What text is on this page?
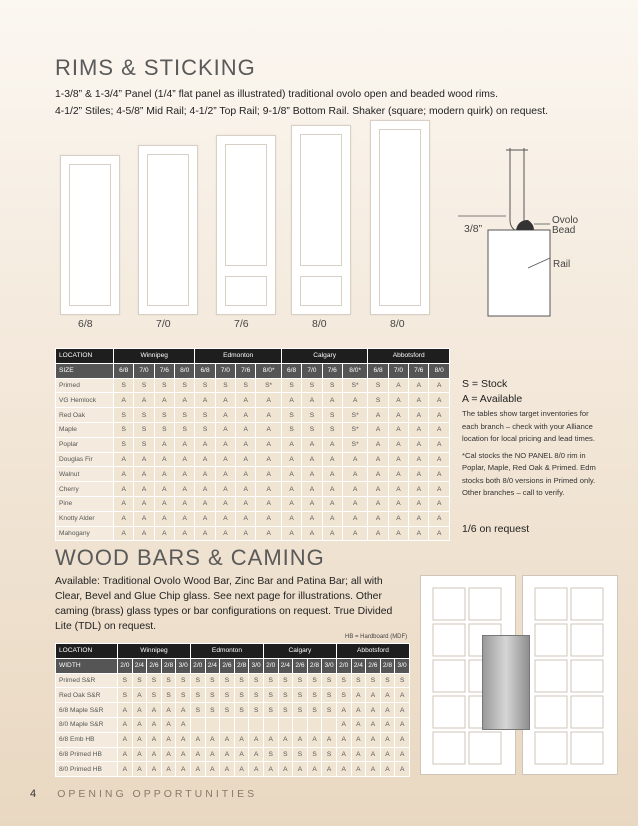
RIMS & STICKING
1-3/8” & 1-3/4” Panel (1/4” flat panel as illustrated) traditional ovolo open and beaded wood rims.
4-1/2” Stiles; 4-5/8” Mid Rail; 4-1/2” Top Rail; 9-1/8” Bottom Rail. Shaker (square; modern quirk) on request.
6/8	7/0	7/6	8/0	8/0
3/8”
Ovolo
Bead
Rail
LOCATION	Winnipeg				Edmonton				Calgary				Abbotsford			
SIZE	6/8	7/0	7/6	8/0	6/8	7/0	7/6	8/0*	6/8	7/0	7/6	8/0*	6/8	7/0	7/6	8/0
Primed	S	S	S	S	S	S	S	S*	S	S	S	S*	S	A	A	A
VG Hemlock	A	A	A	A	A	A	A	A	A	A	A	A	S	A	A	A
Red Oak	S	S	S	S	S	A	A	A	S	S	S	S*	A	A	A	A
Maple	S	S	S	S	S	A	A	A	S	S	S	S*	A	A	A	A
Poplar	S	S	A	A	A	A	A	A	A	A	A	S*	A	A	A	A
Douglas Fir	A	A	A	A	A	A	A	A	A	A	A	A	A	A	A	A
Walnut	A	A	A	A	A	A	A	A	A	A	A	A	A	A	A	A
Cherry	A	A	A	A	A	A	A	A	A	A	A	A	A	A	A	A
Pine	A	A	A	A	A	A	A	A	A	A	A	A	A	A	A	A
Knotty Alder	A	A	A	A	A	A	A	A	A	A	A	A	A	A	A	A
Mahogany	A	A	A	A	A	A	A	A	A	A	A	A	A	A	A	A
S = Stock
A = Available
The tables show target inventories for each branch – check with your Alliance location for local pricing and lead times.
*Cal stocks the NO PANEL 8/0 rim in Poplar, Maple, Red Oak & Primed. Edm stocks both 8/0 versions in Primed only. Other branches – call to verify.
1/6 on request
WOOD BARS & CAMING
Available: Traditional Ovolo Wood Bar, Zinc Bar and Patina Bar; all with Clear, Bevel and Glue Chip glass. See next page for illustrations. Other caming (brass) glass types or bar configurations on request. True Divided Lite (TDL) on request.
HB = Hardboard (MDF)
LOCATION	Winnipeg					Edmonton					Calgary					Abbotsford				
WIDTH	2/0	2/4	2/6	2/8	3/0	2/0	2/4	2/6	2/8	3/0	2/0	2/4	2/6	2/8	3/0	2/0	2/4	2/6	2/8	3/0
Primed S&R	S	S	S	S	S	S	S	S	S	S	S	S	S	S	S	S	S	S	S	S
Red Oak S&R	S	A	S	S	S	S	S	S	S	S	S	S	S	S	S	S	A	A	A	A
6/8 Maple S&R	A	A	A	A	A	S	S	S	S	S	S	S	S	S	S	A	A	A	A	A
8/0 Maple S&R	A	A	A	A	A											A	A	A	A	A
6/8 Emb HB	A	A	A	A	A	A	A	A	A	A	A	A	A	A	A	A	A	A	A	A
6/8 Primed HB	A	A	A	A	A	A	A	A	A	A	S	S	S	S	S	A	A	A	A	A
8/0 Primed HB	A	A	A	A	A	A	A	A	A	A	A	A	A	A	A	A	A	A	A	A
4 OPENING OPPORTUNITIES
